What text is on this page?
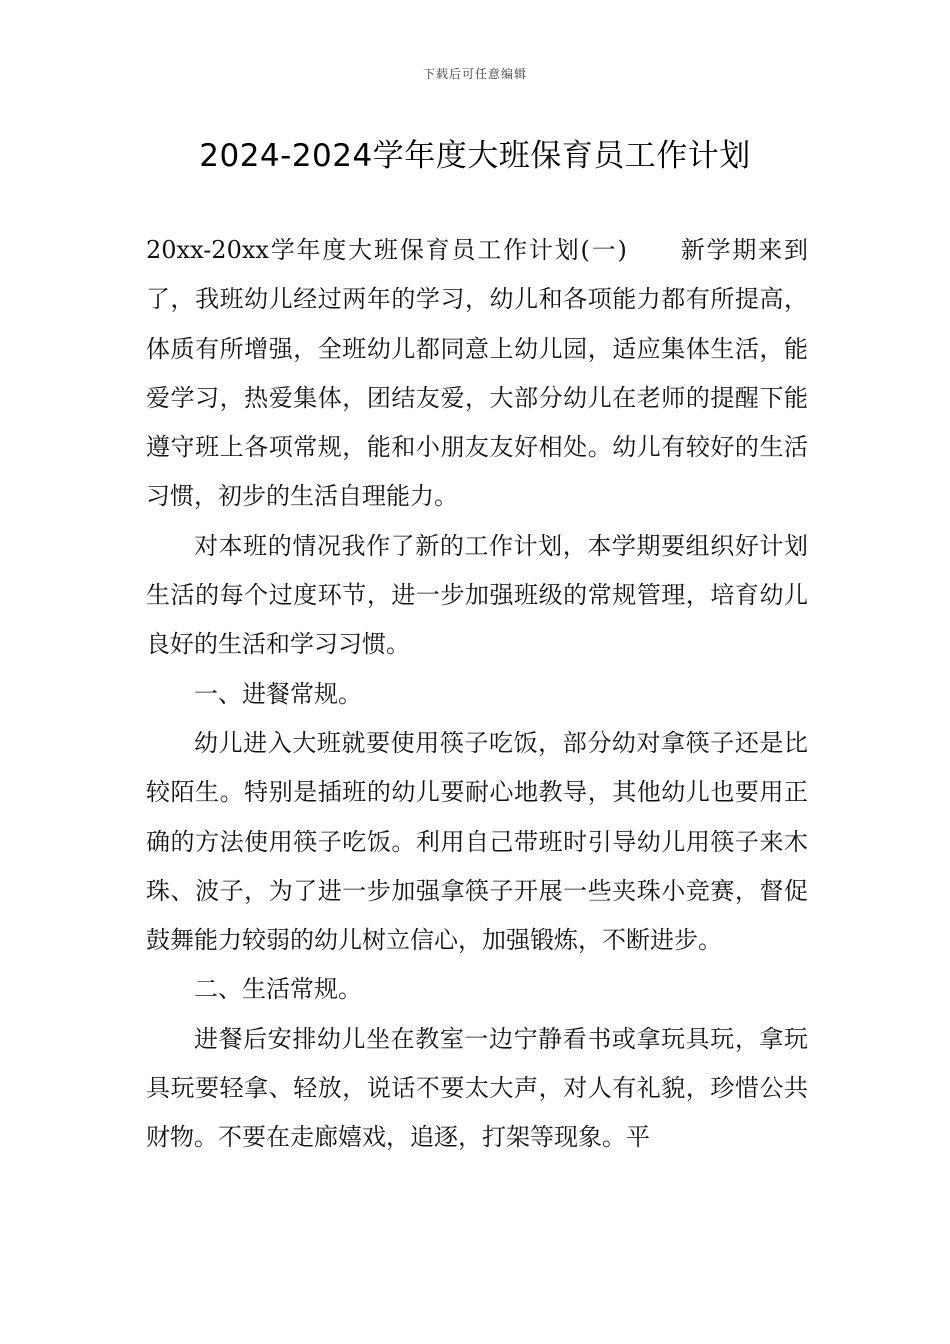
下载后可任意编辑
2024-2024学年度大班保育员工作计划

20xx-20xx学年度大班保育员工作计划(一) 新学期来到了，我班幼儿经过两年的学习，幼儿和各项能力都有所提高，体质有所增强，全班幼儿都同意上幼儿园，适应集体生活，能爱学习，热爱集体，团结友爱，大部分幼儿在老师的提醒下能遵守班上各项常规，能和小朋友友好相处。幼儿有较好的生活习惯，初步的生活自理能力。

对本班的情况我作了新的工作计划，本学期要组织好计划生活的每个过度环节，进一步加强班级的常规管理，培育幼儿良好的生活和学习习惯。

一、进餐常规。

幼儿进入大班就要使用筷子吃饭，部分幼对拿筷子还是比较陌生。特别是插班的幼儿要耐心地教导，其他幼儿也要用正确的方法使用筷子吃饭。利用自己带班时引导幼儿用筷子来木珠、波子，为了进一步加强拿筷子开展一些夹珠小竞赛，督促鼓舞能力较弱的幼儿树立信心，加强锻炼，不断进步。

二、生活常规。

进餐后安排幼儿坐在教室一边宁静看书或拿玩具玩，拿玩具玩要轻拿、轻放，说话不要太大声，对人有礼貌，珍惜公共财物。不要在走廊嬉戏，追逐，打架等现象。平
